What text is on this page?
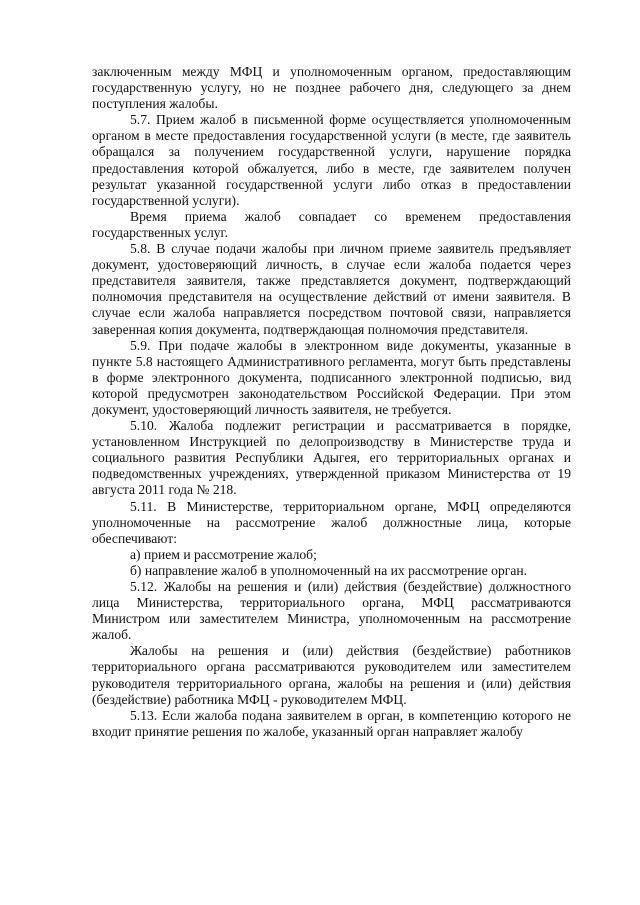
заключенным между МФЦ и уполномоченным органом, предоставляющим государственную услугу, но не позднее рабочего дня, следующего за днем поступления жалобы.

5.7. Прием жалоб в письменной форме осуществляется уполномоченным органом в месте предоставления государственной услуги (в месте, где заявитель обращался за получением государственной услуги, нарушение порядка предоставления которой обжалуется, либо в месте, где заявителем получен результат указанной государственной услуги либо отказ в предоставлении государственной услуги).

Время приема жалоб совпадает со временем предоставления государственных услуг.

5.8. В случае подачи жалобы при личном приеме заявитель предъявляет документ, удостоверяющий личность, в случае если жалоба подается через представителя заявителя, также представляется документ, подтверждающий полномочия представителя на осуществление действий от имени заявителя. В случае если жалоба направляется посредством почтовой связи, направляется заверенная копия документа, подтверждающая полномочия представителя.

5.9. При подаче жалобы в электронном виде документы, указанные в пункте 5.8 настоящего Административного регламента, могут быть представлены в форме электронного документа, подписанного электронной подписью, вид которой предусмотрен законодательством Российской Федерации. При этом документ, удостоверяющий личность заявителя, не требуется.

5.10. Жалоба подлежит регистрации и рассматривается в порядке, установленном Инструкцией по делопроизводству в Министерстве труда и социального развития Республики Адыгея, его территориальных органах и подведомственных учреждениях, утвержденной приказом Министерства от 19 августа 2011 года № 218.

5.11. В Министерстве, территориальном органе, МФЦ определяются уполномоченные на рассмотрение жалоб должностные лица, которые обеспечивают:

а) прием и рассмотрение жалоб;

б) направление жалоб в уполномоченный на их рассмотрение орган.

5.12. Жалобы на решения и (или) действия (бездействие) должностного лица Министерства, территориального органа, МФЦ рассматриваются Министром или заместителем Министра, уполномоченным на рассмотрение жалоб.

Жалобы на решения и (или) действия (бездействие) работников территориального органа рассматриваются руководителем или заместителем руководителя территориального органа, жалобы на решения и (или) действия (бездействие) работника МФЦ - руководителем МФЦ.

5.13. Если жалоба подана заявителем в орган, в компетенцию которого не входит принятие решения по жалобе, указанный орган направляет жалобу
